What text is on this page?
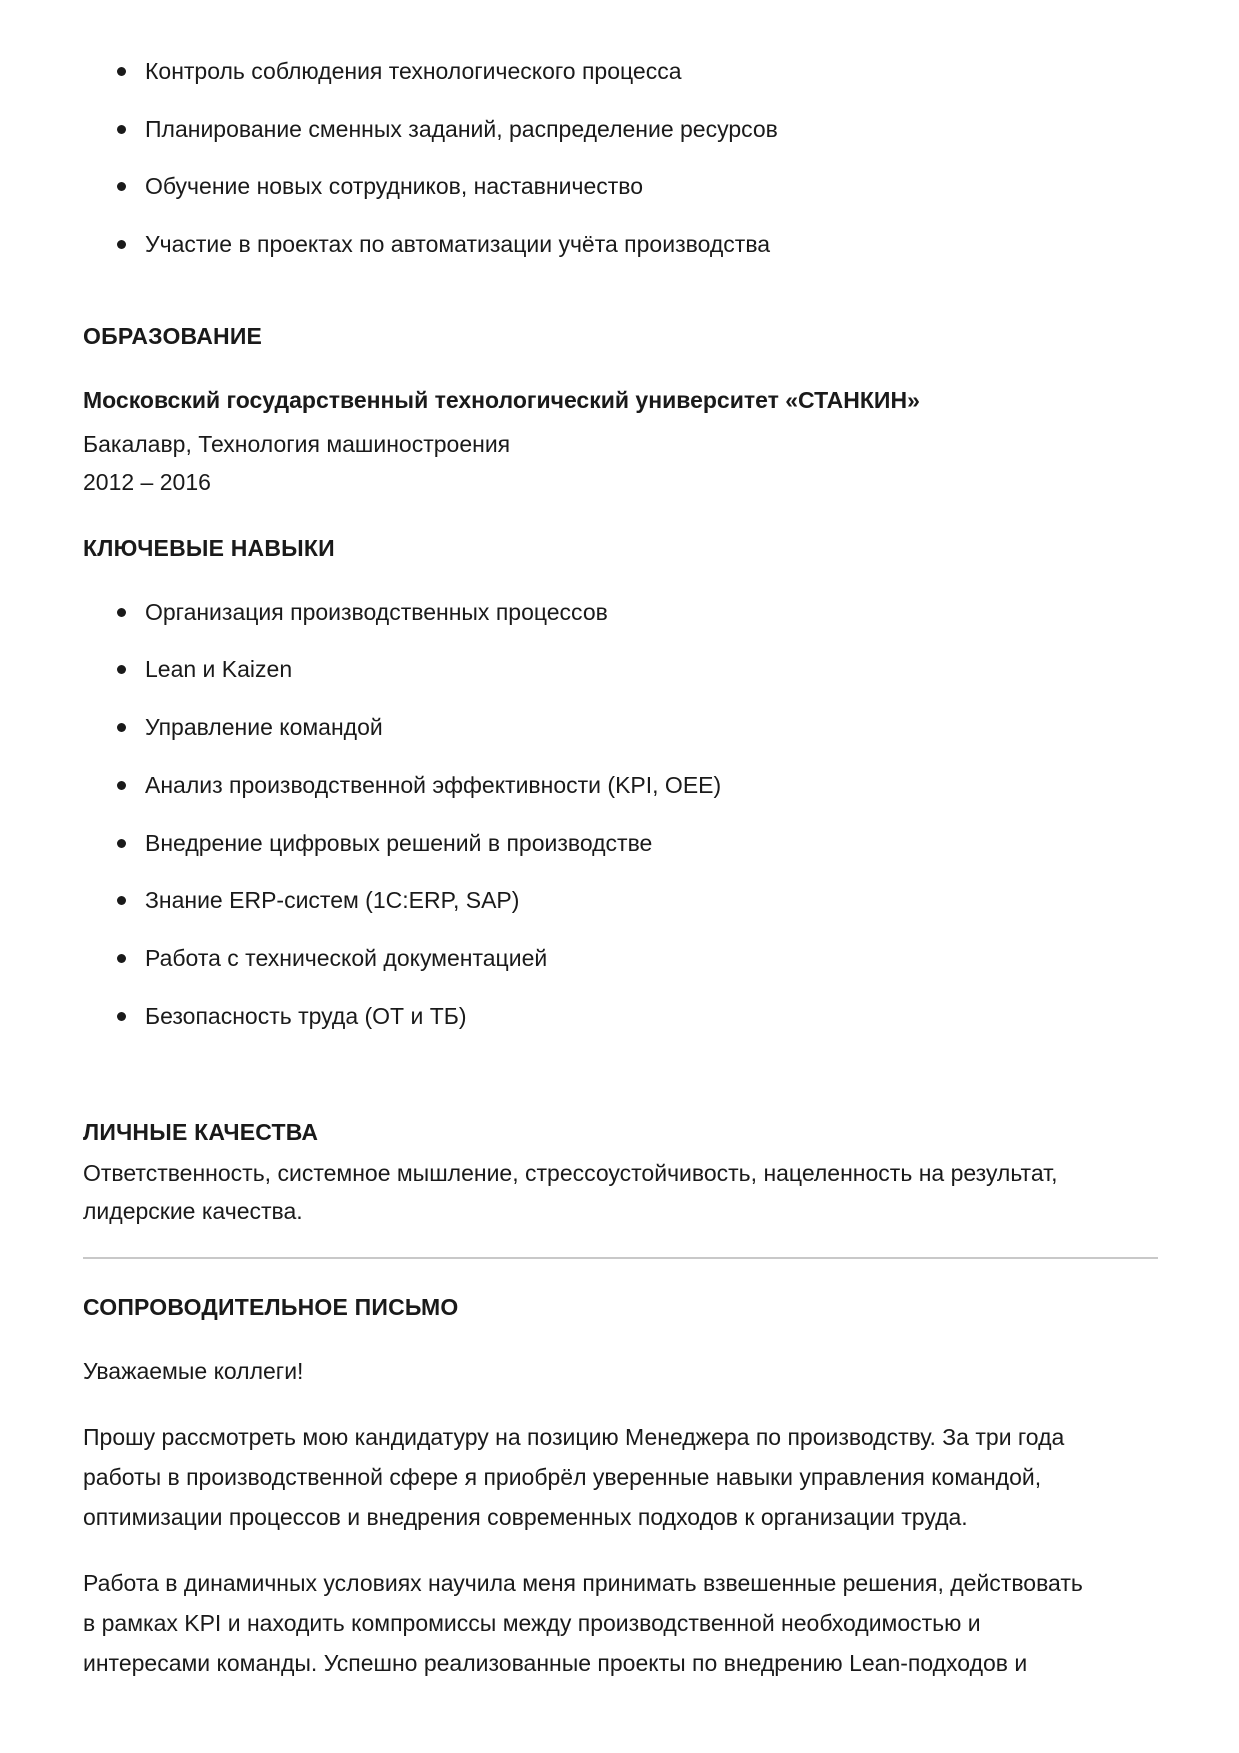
Контроль соблюдения технологического процесса
Планирование сменных заданий, распределение ресурсов
Обучение новых сотрудников, наставничество
Участие в проектах по автоматизации учёта производства
ОБРАЗОВАНИЕ

Московский государственный технологический университет «СТАНКИН»

Бакалавр, Технология машиностроения

2012 – 2016

КЛЮЧЕВЫЕ НАВЫКИ
Организация производственных процессов
Lean и Kaizen
Управление командой
Анализ производственной эффективности (KPI, OEE)
Внедрение цифровых решений в производстве
Знание ERP-систем (1С:ERP, SAP)
Работа с технической документацией
Безопасность труда (ОТ и ТБ)
ЛИЧНЫЕ КАЧЕСТВА

Ответственность, системное мышление, стрессоустойчивость, нацеленность на результат,

лидерские качества.

СОПРОВОДИТЕЛЬНОЕ ПИСЬМО

Уважаемые коллеги!

Прошу рассмотреть мою кандидатуру на позицию Менеджера по производству. За три года

работы в производственной сфере я приобрёл уверенные навыки управления командой,

оптимизации процессов и внедрения современных подходов к организации труда.

Работа в динамичных условиях научила меня принимать взвешенные решения, действовать

в рамках KPI и находить компромиссы между производственной необходимостью и

интересами команды. Успешно реализованные проекты по внедрению Lean-подходов и
